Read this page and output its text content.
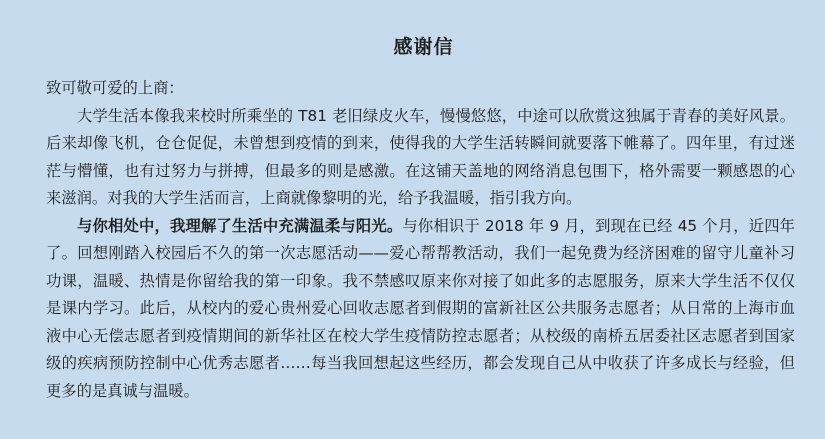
感谢信

致可敬可爱的上商：

大学生活本像我来校时所乘坐的 T81 老旧绿皮火车，慢慢悠悠，中途可以欣赏这独属于青春的美好风景。后来却像飞机，仓仓促促，未曾想到疫情的到来，使得我的大学生活转瞬间就要落下帷幕了。四年里，有过迷茫与懵懂，也有过努力与拼搏，但最多的则是感激。在这铺天盖地的网络消息包围下，格外需要一颗感恩的心来滋润。对我的大学生活而言，上商就像黎明的光，给予我温暖，指引我方向。

与你相处中，我理解了生活中充满温柔与阳光。与你相识于 2018 年 9 月，到现在已经 45 个月，近四年了。回想刚踏入校园后不久的第一次志愿活动——爱心帮帮教活动，我们一起免费为经济困难的留守儿童补习功课，温暖、热情是你留给我的第一印象。我不禁感叹原来你对接了如此多的志愿服务，原来大学生活不仅仅是课内学习。此后，从校内的爱心贵州爱心回收志愿者到假期的富新社区公共服务志愿者；从日常的上海市血液中心无偿志愿者到疫情期间的新华社区在校大学生疫情防控志愿者；从校级的南桥五居委社区志愿者到国家级的疾病预防控制中心优秀志愿者……每当我回想起这些经历，都会发现自己从中收获了许多成长与经验，但更多的是真诚与温暖。
